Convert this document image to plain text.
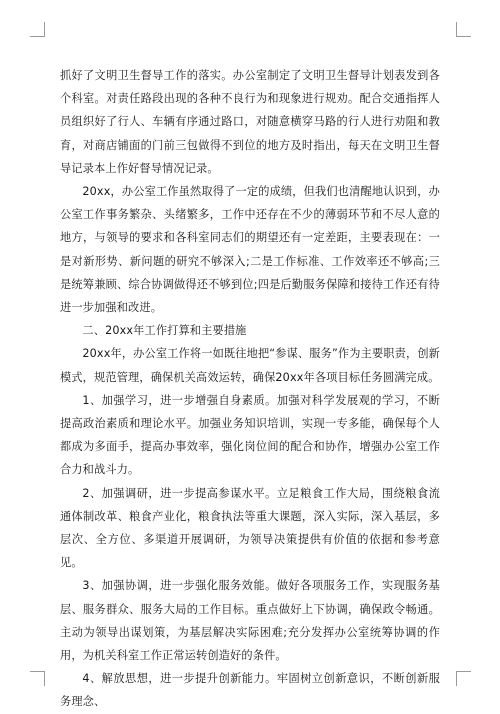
抓好了文明卫生督导工作的落实。办公室制定了文明卫生督导计划表发到各个科室。对责任路段出现的各种不良行为和现象进行规劝。配合交通指挥人员组织好了行人、车辆有序通过路口，对随意横穿马路的行人进行劝阻和教育，对商店铺面的门前三包做得不到位的地方及时指出，每天在文明卫生督导记录本上作好督导情况记录。

20xx，办公室工作虽然取得了一定的成绩，但我们也清醒地认识到，办公室工作事务繁杂、头绪繁多，工作中还存在不少的薄弱环节和不尽人意的地方，与领导的要求和各科室同志们的期望还有一定差距，主要表现在：一是对新形势、新问题的研究不够深入;二是工作标准、工作效率还不够高;三是统筹兼顾、综合协调做得还不够到位;四是后勤服务保障和接待工作还有待进一步加强和改进。

二、20xx年工作打算和主要措施

20xx年，办公室工作将一如既往地把“参谋、服务”作为主要职责，创新模式，规范管理，确保机关高效运转，确保20xx年各项目标任务圆满完成。

1、加强学习，进一步增强自身素质。加强对科学发展观的学习，不断提高政治素质和理论水平。加强业务知识培训，实现一专多能，确保每个人都成为多面手，提高办事效率，强化岗位间的配合和协作，增强办公室工作合力和战斗力。

2、加强调研，进一步提高参谋水平。立足粮食工作大局，围绕粮食流通体制改革、粮食产业化，粮食执法等重大课题，深入实际，深入基层，多层次、全方位、多渠道开展调研，为领导决策提供有价值的依据和参考意见。

3、加强协调，进一步强化服务效能。做好各项服务工作，实现服务基层、服务群众、服务大局的工作目标。重点做好上下协调，确保政令畅通。主动为领导出谋划策，为基层解决实际困难;充分发挥办公室统筹协调的作用，为机关科室工作正常运转创造好的条件。

4、解放思想，进一步提升创新能力。牢固树立创新意识，不断创新服务理念、
